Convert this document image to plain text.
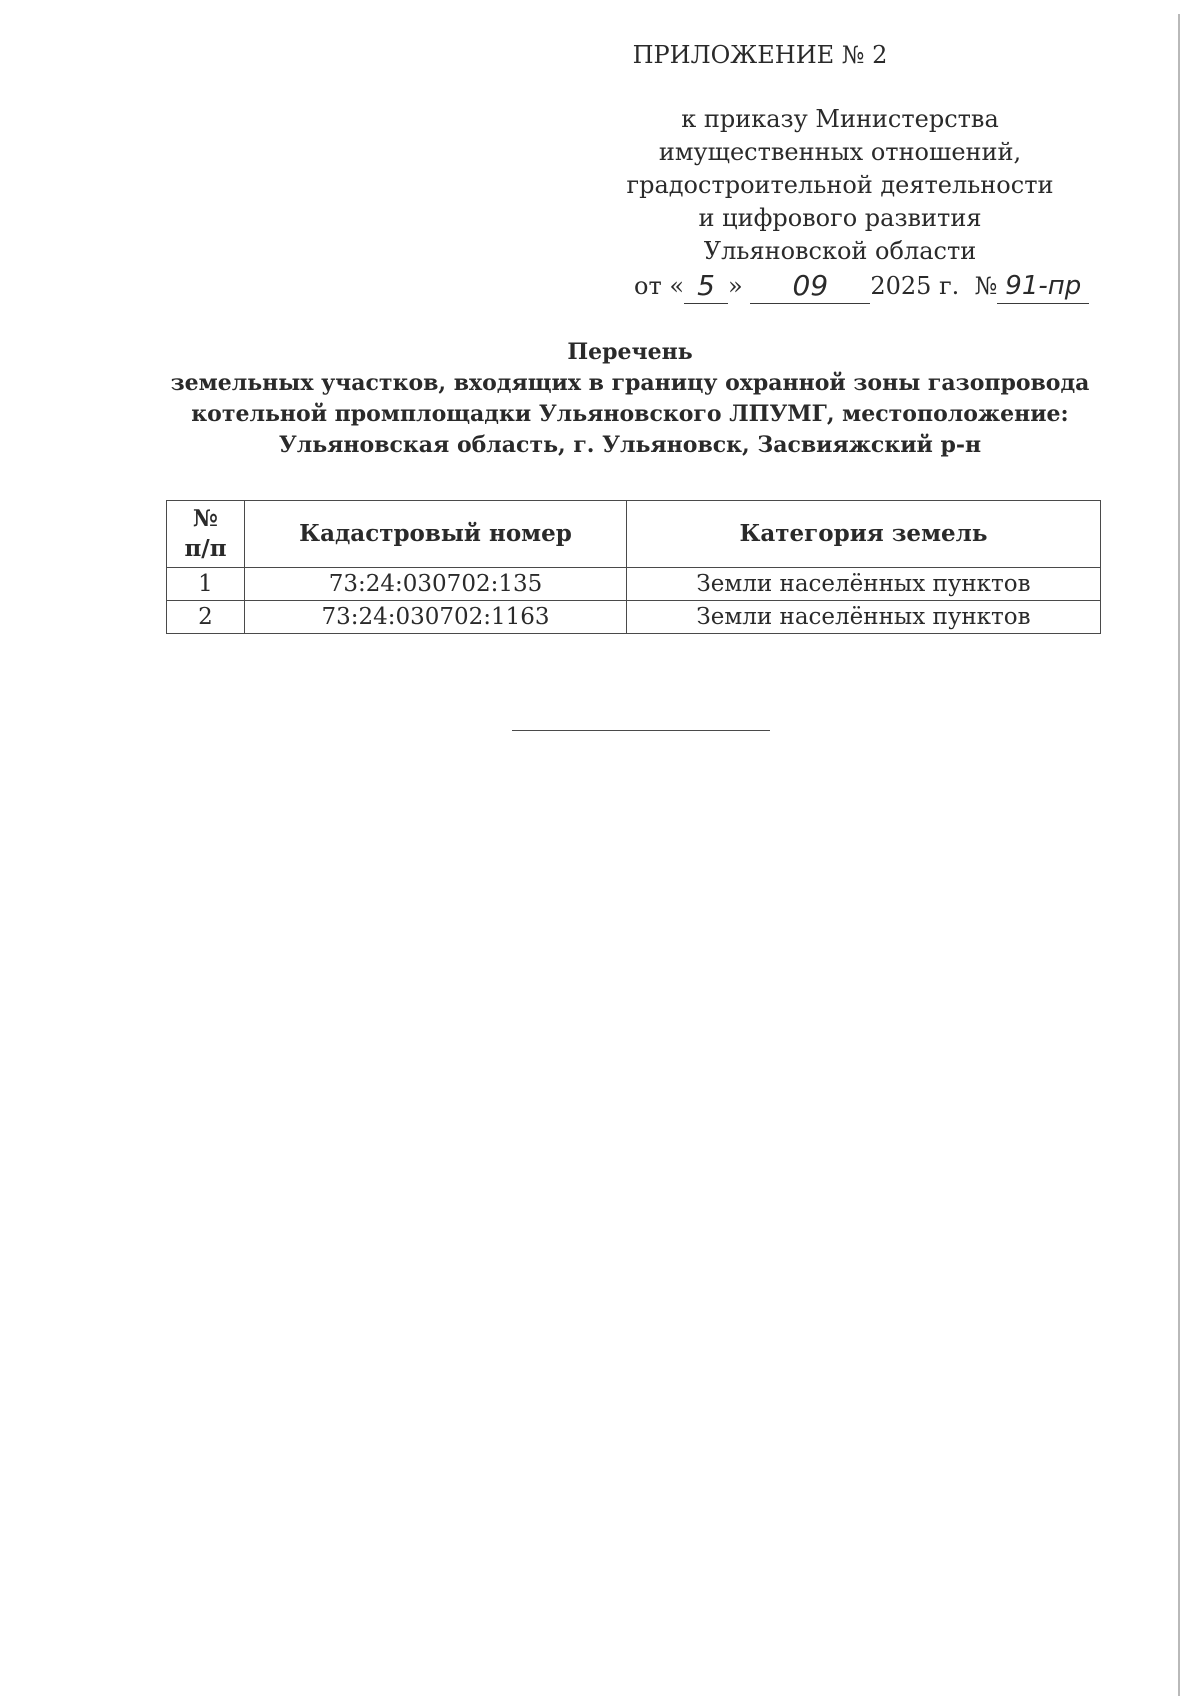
ПРИЛОЖЕНИЕ № 2
к приказу Министерства
имущественных отношений,
градостроительной деятельности
и цифрового развития
Ульяновской области
от « 5 » 09 2025 г. № 91-пр
Перечень
земельных участков, входящих в границу охранной зоны газопровода
котельной промплощадки Ульяновского ЛПУМГ, местоположение:
Ульяновская область, г. Ульяновск, Засвияжский р-н
№
п/п	Кадастровый номер	Категория земель
1	73:24:030702:135	Земли населённых пунктов
2	73:24:030702:1163	Земли населённых пунктов
